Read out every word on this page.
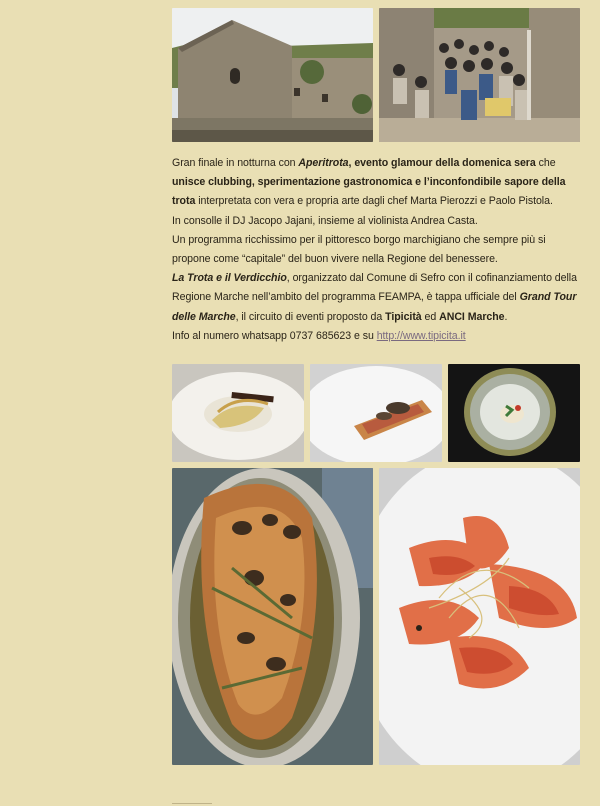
Gran finale in notturna con Aperitrota, evento glamour della domenica sera che unisce clubbing, sperimentazione gastronomica e l’inconfondibile sapore della trota interpretata con vera e propria arte dagli chef Marta Pierozzi e Paolo Pistola.

In consolle il DJ Jacopo Jajani, insieme al violinista Andrea Casta.

Un programma ricchissimo per il pittoresco borgo marchigiano che sempre più si propone come “capitale” del buon vivere nella Regione del benessere.

La Trota e il Verdicchio, organizzato dal Comune di Sefro con il cofinanziamento della Regione Marche nell’ambito del programma FEAMPA, è tappa ufficiale del Grand Tour delle Marche, il circuito di eventi proposto da Tipicità ed ANCI Marche.

Info al numero whatsapp 0737 685623 e su http://www.tipicita.it
